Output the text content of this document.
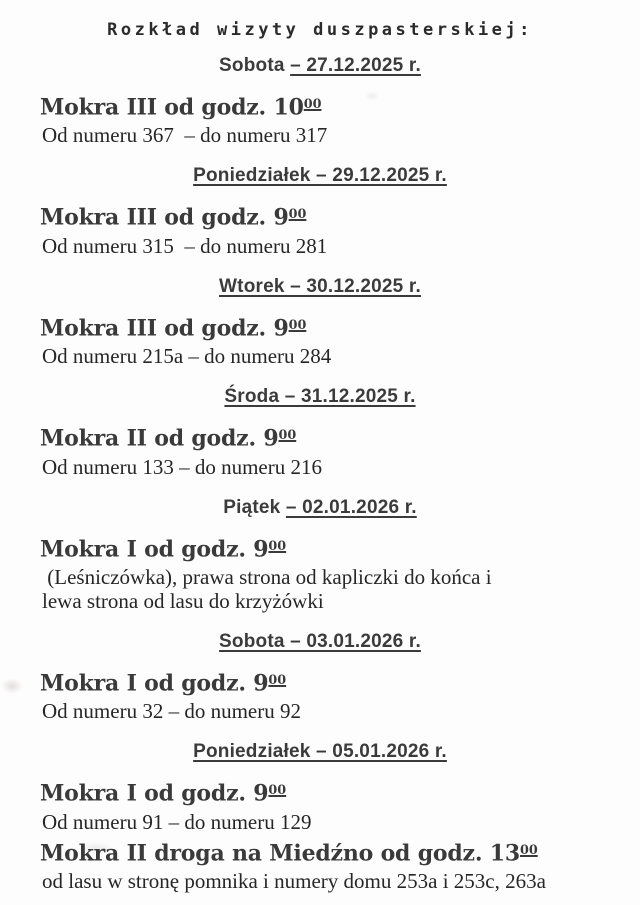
Rozkład wizyty duszpasterskiej:
Sobota – 27.12.2025 r.

Mokra III od godz. $10^{00}$

Od numeru 367  – do numeru 317

Poniedziałek – 29.12.2025 r.

Mokra III od godz. $9^{00}$

Od numeru 315  – do numeru 281

Wtorek – 30.12.2025 r.

Mokra III od godz. $9^{00}$

Od numeru 215a – do numeru 284

Środa – 31.12.2025 r.

Mokra II od godz. $9^{00}$

Od numeru 133 – do numeru 216

Piątek – 02.01.2026 r.

Mokra I od godz. $9^{00}$

(Leśniczówka), prawa strona od kapliczki do końca i

lewa strona od lasu do krzyżówki

Sobota – 03.01.2026 r.

Mokra I od godz. $9^{00}$

Od numeru 32 – do numeru 92

Poniedziałek – 05.01.2026 r.

Mokra I od godz. $9^{00}$

Od numeru 91 – do numeru 129

Mokra II droga na Miedźno od godz. $13^{00}$

od lasu w stronę pomnika i numery domu 253a i 253c, 263a
